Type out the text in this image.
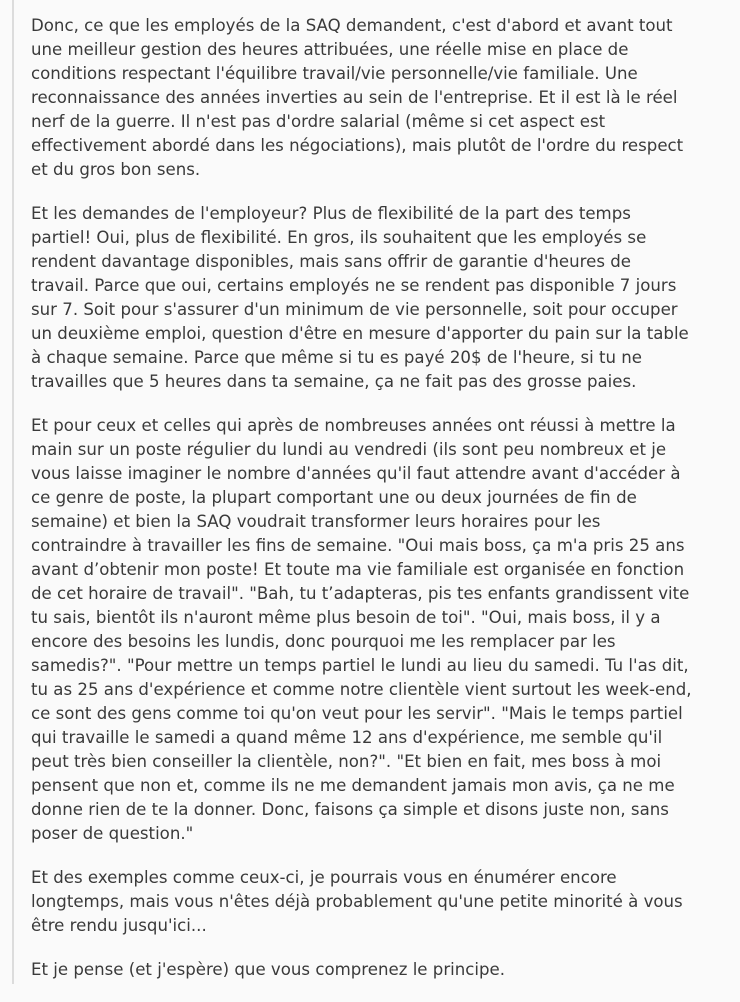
Donc, ce que les employés de la SAQ demandent, c'est d'abord et avant tout
une meilleur gestion des heures attribuées, une réelle mise en place de
conditions respectant l'équilibre travail/vie personnelle/vie familiale. Une
reconnaissance des années inverties au sein de l'entreprise. Et il est là le réel
nerf de la guerre. Il n'est pas d'ordre salarial (même si cet aspect est
effectivement abordé dans les négociations), mais plutôt de l'ordre du respect
et du gros bon sens.

Et les demandes de l'employeur? Plus de flexibilité de la part des temps
partiel! Oui, plus de flexibilité. En gros, ils souhaitent que les employés se
rendent davantage disponibles, mais sans offrir de garantie d'heures de
travail. Parce que oui, certains employés ne se rendent pas disponible 7 jours
sur 7. Soit pour s'assurer d'un minimum de vie personnelle, soit pour occuper
un deuxième emploi, question d'être en mesure d'apporter du pain sur la table
à chaque semaine. Parce que même si tu es payé 20$ de l'heure, si tu ne
travailles que 5 heures dans ta semaine, ça ne fait pas des grosse paies.

Et pour ceux et celles qui après de nombreuses années ont réussi à mettre la
main sur un poste régulier du lundi au vendredi (ils sont peu nombreux et je
vous laisse imaginer le nombre d'années qu'il faut attendre avant d'accéder à
ce genre de poste, la plupart comportant une ou deux journées de fin de
semaine) et bien la SAQ voudrait transformer leurs horaires pour les
contraindre à travailler les fins de semaine. "Oui mais boss, ça m'a pris 25 ans
avant d’obtenir mon poste! Et toute ma vie familiale est organisée en fonction
de cet horaire de travail". "Bah, tu t’adapteras, pis tes enfants grandissent vite
tu sais, bientôt ils n'auront même plus besoin de toi". "Oui, mais boss, il y a
encore des besoins les lundis, donc pourquoi me les remplacer par les
samedis?". "Pour mettre un temps partiel le lundi au lieu du samedi. Tu l'as dit,
tu as 25 ans d'expérience et comme notre clientèle vient surtout les week-end,
ce sont des gens comme toi qu'on veut pour les servir". "Mais le temps partiel
qui travaille le samedi a quand même 12 ans d'expérience, me semble qu'il
peut très bien conseiller la clientèle, non?". "Et bien en fait, mes boss à moi
pensent que non et, comme ils ne me demandent jamais mon avis, ça ne me
donne rien de te la donner. Donc, faisons ça simple et disons juste non, sans
poser de question."

Et des exemples comme ceux-ci, je pourrais vous en énumérer encore
longtemps, mais vous n'êtes déjà probablement qu'une petite minorité à vous
être rendu jusqu'ici...

Et je pense (et j'espère) que vous comprenez le principe.
